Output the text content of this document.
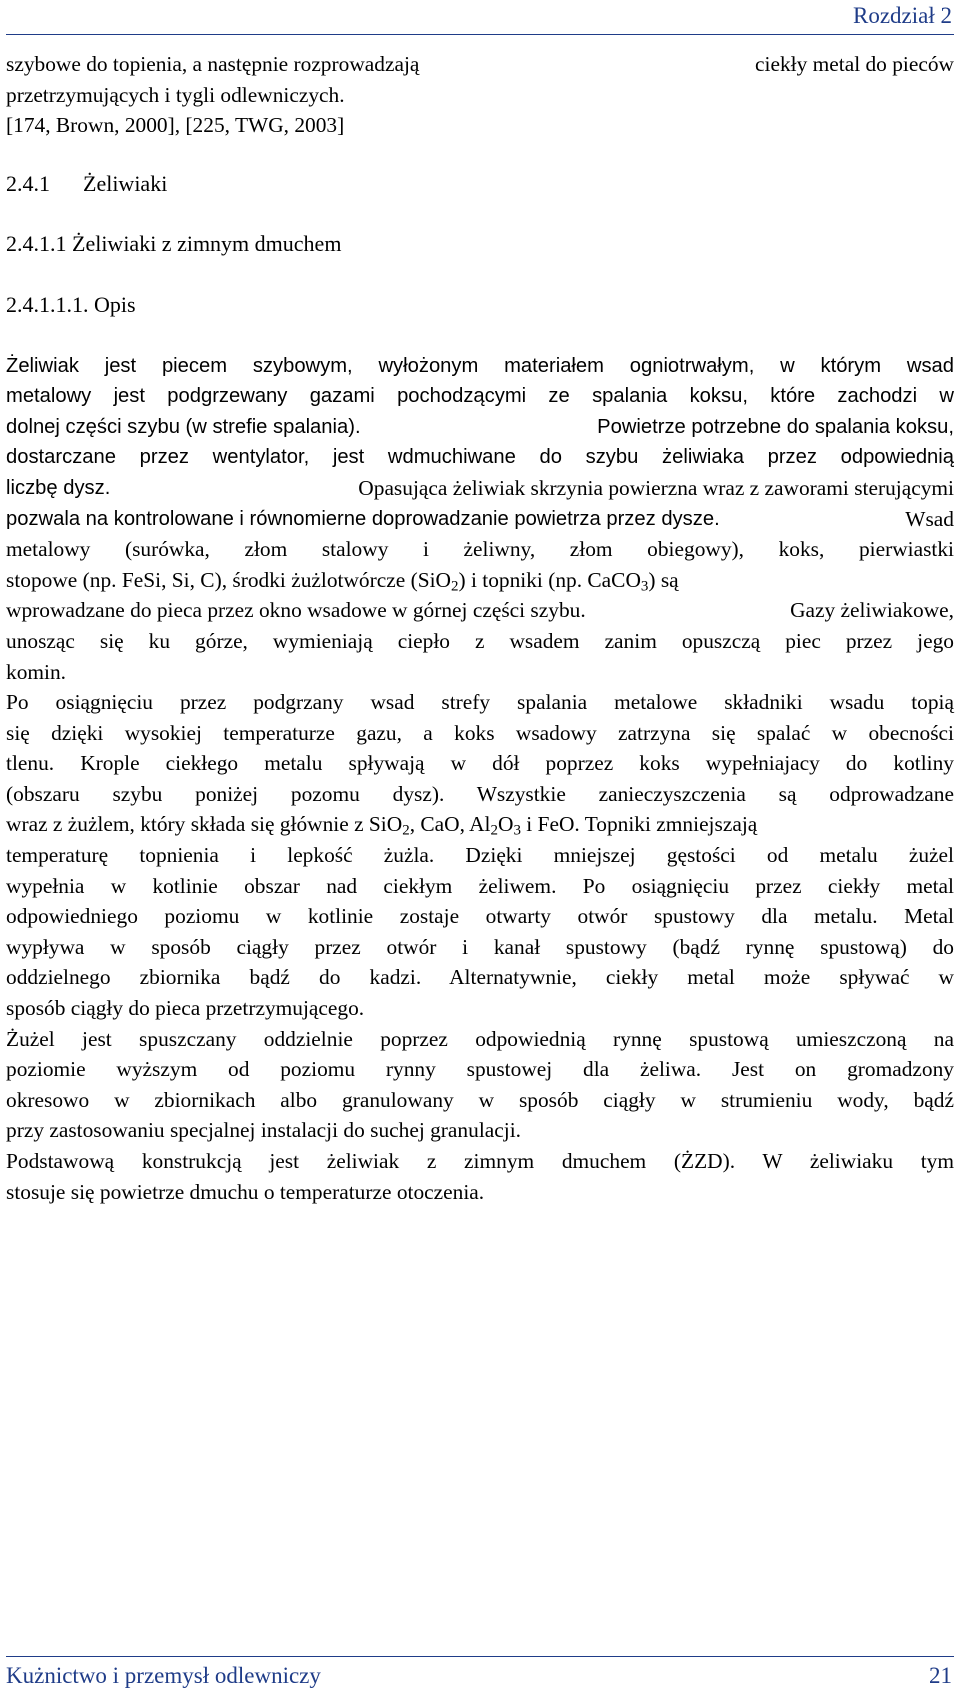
Rozdział 2
szybowe do topienia, a następnie rozprowadzają	ciekły metal do pieców
przetrzymujących i tygli odlewniczych.
[174, Brown, 2000], [225, TWG, 2003]
2.4.1 Żeliwiaki
2.4.1.1 Żeliwiaki z zimnym dmuchem
2.4.1.1.1. Opis
Żeliwiak jest piecem szybowym, wyłożonym materiałem ogniotrwałym, w którym wsad
metalowy jest podgrzewany gazami pochodzącymi ze spalania koksu, które zachodzi w
dolnej części szybu (w strefie spalania).	Powietrze potrzebne do spalania koksu,
dostarczane przez wentylator, jest wdmuchiwane do szybu żeliwiaka przez odpowiednią
liczbę dysz.	Opasująca żeliwiak skrzynia powierzna wraz z zaworami sterującymi
pozwala na kontrolowane i równomierne doprowadzanie powietrza przez dysze.	Wsad
metalowy (surówka, złom stalowy i żeliwny, złom obiegowy), koks, pierwiastki
stopowe (np. FeSi, Si, C), środki żużlotwórcze (SiO$_2$) i topniki (np. CaCO$_3$) są
wprowadzane do pieca przez okno wsadowe w górnej części szybu.	Gazy żeliwiakowe,
unosząc się ku górze, wymieniają ciepło z wsadem zanim opuszczą piec przez jego
komin.
Po osiągnięciu przez podgrzany wsad strefy spalania metalowe składniki wsadu topią
się dzięki wysokiej temperaturze gazu, a koks wsadowy zatrzyna się spalać w obecności
tlenu. Krople ciekłego metalu spływają w dół poprzez koks wypełniajacy do kotliny
(obszaru szybu poniżej pozomu dysz). Wszystkie zanieczyszczenia są odprowadzane
wraz z żużlem, który składa się głównie z SiO$_2$, CaO, $Al_2O_3$ i FeO. Topniki zmniejszają
temperaturę topnienia i lepkość żużla. Dzięki mniejszej gęstości od metalu żużel
wypełnia w kotlinie obszar nad ciekłym żeliwem. Po osiągnięciu przez ciekły metal
odpowiedniego poziomu w kotlinie zostaje otwarty otwór spustowy dla metalu. Metal
wypływa w sposób ciągły przez otwór i kanał spustowy (bądź rynnę spustową) do
oddzielnego zbiornika bądź do kadzi. Alternatywnie, ciekły metal może spływać w
sposób ciągły do pieca przetrzymującego.
Żużel jest spuszczany oddzielnie poprzez odpowiednią rynnę spustową umieszczoną na
poziomie wyższym od poziomu rynny spustowej dla żeliwa. Jest on gromadzony
okresowo w zbiornikach albo granulowany w sposób ciągły w strumieniu wody, bądź
przy zastosowaniu specjalnej instalacji do suchej granulacji.
Podstawową konstrukcją jest żeliwiak z zimnym dmuchem (ŻZD). W żeliwiaku tym
stosuje się powietrze dmuchu o temperaturze otoczenia.
Kużnictwo i przemysł odlewniczy	21
